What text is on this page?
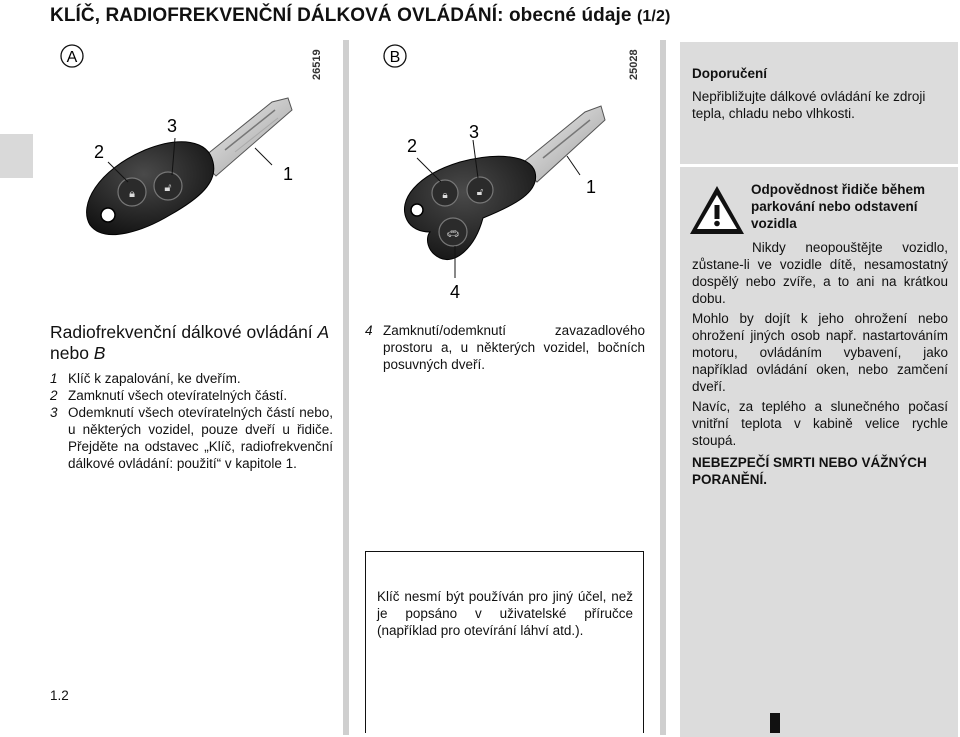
KLÍČ, RADIOFREKVENČNÍ DÁLKOVÁ OVLÁDÁNÍ: obecné údaje (1/2)
A	26519
🔒︎	🔓︎
2
3
1
B	25028
🔒︎	🔓︎
🚗︎
2
3
1
4
Radiofrekvenční dálkové ovládání A nebo B
1 Klíč k zapalování, ke dveřím.
2 Zamknutí všech otevíratelných částí.
3 Odemknutí všech otevíratelných částí nebo, u některých vozidel, pouze dveří u řidiče. Přejděte na odstavec „Klíč, radiofrekvenční dálkové ovládání: použití“ v kapitole 1.
4 Zamknutí/odemknutí zavazadlového prostoru a, u některých vozidel, bočních posuvných dveří.
Klíč nesmí být používán pro jiný účel, než je popsáno v uživatelské příručce (například pro otevírání láhví atd.).
Doporučení
Nepřibližujte dálkové ovládání ke zdroji tepla, chladu nebo vlhkosti.
Odpovědnost řidiče během parkování nebo odstavení vozidla
Nikdy neopouštějte vozidlo, zůstane-li ve vozidle dítě, nesamostatný dospělý nebo zvíře, a to ani na krátkou dobu.
Mohlo by dojít k jeho ohrožení nebo ohrožení jiných osob např. nastartováním motoru, ovládáním vybavení, jako například ovládání oken, nebo zamčení dveří.
Navíc, za teplého a slunečného počasí vnitřní teplota v kabině velice rychle stoupá.
NEBEZPEČÍ SMRTI NEBO VÁŽNÝCH PORANĚNÍ.
1.2
